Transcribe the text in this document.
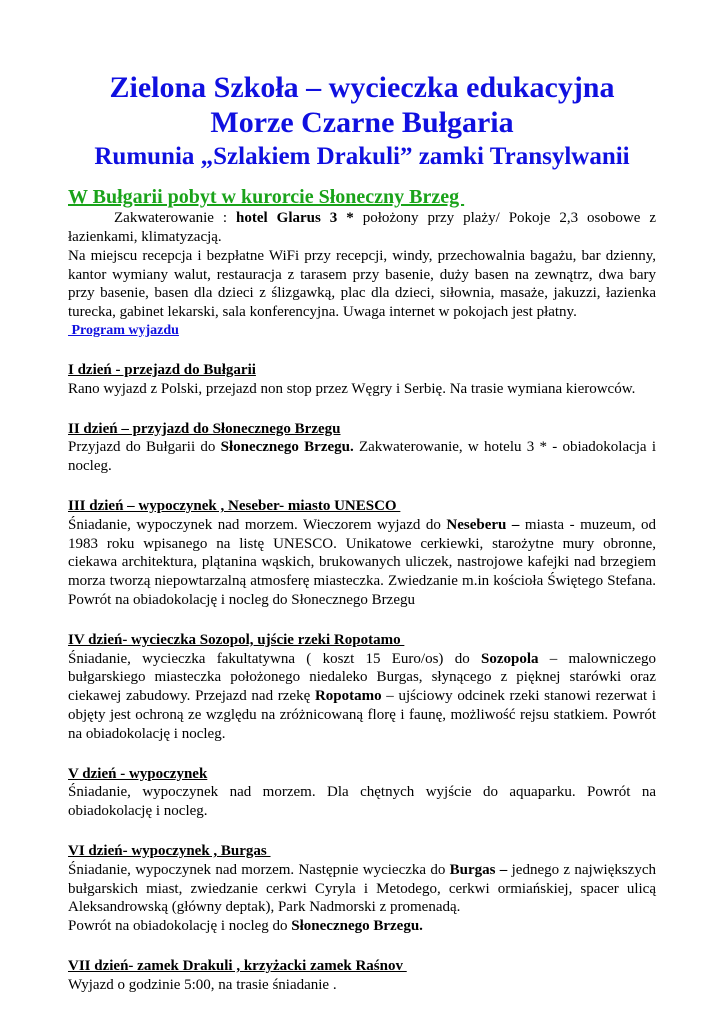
Zielona Szkoła – wycieczka edukacyjna
Morze Czarne Bułgaria
Rumunia „Szlakiem Drakuli” zamki Transylwanii
W Bułgarii pobyt w kurorcie Słoneczny Brzeg

Zakwaterowanie : hotel Glarus 3 * położony przy plaży/ Pokoje 2,3 osobowe z łazienkami, klimatyzacją.

Na miejscu recepcja i bezpłatne WiFi przy recepcji, windy, przechowalnia bagażu, bar dzienny, kantor wymiany walut, restauracja z tarasem przy basenie, duży basen na zewnątrz, dwa bary przy basenie, basen dla dzieci z ślizgawką, plac dla dzieci, siłownia, masaże, jakuzzi, łazienka turecka, gabinet lekarski, sala konferencyjna. Uwaga internet w pokojach jest płatny.

Program wyjazdu

I dzień - przejazd do Bułgarii

Rano wyjazd z Polski, przejazd non stop przez Węgry i Serbię. Na trasie wymiana kierowców.

II dzień – przyjazd do Słonecznego Brzegu

Przyjazd do Bułgarii do Słonecznego Brzegu. Zakwaterowanie, w hotelu 3 * - obiadokolacja i nocleg.

III dzień – wypoczynek , Neseber- miasto UNESCO

Śniadanie, wypoczynek nad morzem. Wieczorem wyjazd do Neseberu – miasta - muzeum, od 1983 roku wpisanego na listę UNESCO. Unikatowe cerkiewki, starożytne mury obronne, ciekawa architektura, plątanina wąskich, brukowanych uliczek, nastrojowe kafejki nad brzegiem morza tworzą niepowtarzalną atmosferę miasteczka. Zwiedzanie m.in kościoła Świętego Stefana. Powrót na obiadokolację i nocleg do Słonecznego Brzegu

IV dzień- wycieczka Sozopol, ujście rzeki Ropotamo

Śniadanie, wycieczka fakultatywna ( koszt 15 Euro/os) do Sozopola – malowniczego bułgarskiego miasteczka położonego niedaleko Burgas, słynącego z pięknej starówki oraz ciekawej zabudowy. Przejazd nad rzekę Ropotamo – ujściowy odcinek rzeki stanowi rezerwat i objęty jest ochroną ze względu na zróżnicowaną florę i faunę, możliwość rejsu statkiem. Powrót na obiadokolację i nocleg.

V dzień - wypoczynek

Śniadanie, wypoczynek nad morzem. Dla chętnych wyjście do aquaparku. Powrót na obiadokolację i nocleg.

VI dzień- wypoczynek , Burgas

Śniadanie, wypoczynek nad morzem. Następnie wycieczka do Burgas – jednego z największych bułgarskich miast, zwiedzanie cerkwi Cyryla i Metodego, cerkwi ormiańskiej, spacer ulicą Aleksandrowską (główny deptak), Park Nadmorski z promenadą.

Powrót na obiadokolację i nocleg do Słonecznego Brzegu.

VII dzień- zamek Drakuli , krzyżacki zamek Raśnov

Wyjazd o godzinie 5:00, na trasie śniadanie .
